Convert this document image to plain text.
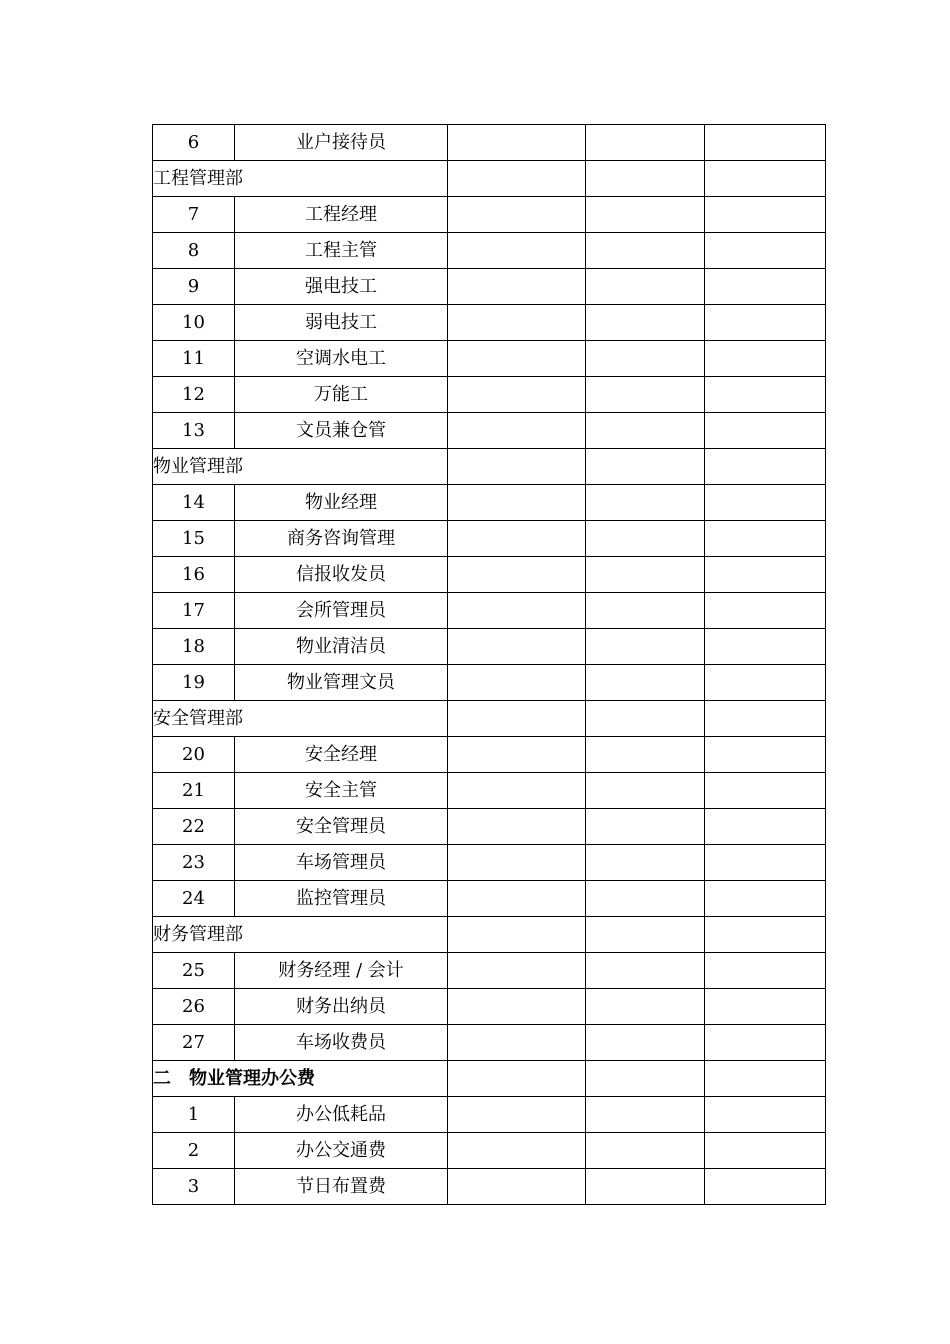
6	业户接待员			
工程管理部				
7	工程经理			
8	工程主管			
9	强电技工			
10	弱电技工			
11	空调水电工			
12	万能工			
13	文员兼仓管			
物业管理部				
14	物业经理			
15	商务咨询管理			
16	信报收发员			
17	会所管理员			
18	物业清洁员			
19	物业管理文员			
安全管理部				
20	安全经理			
21	安全主管			
22	安全管理员			
23	车场管理员			
24	监控管理员			
财务管理部				
25	财务经理 / 会计			
26	财务出纳员			
27	车场收费员			
二　物业管理办公费				
1	办公低耗品			
2	办公交通费			
3	节日布置费			
